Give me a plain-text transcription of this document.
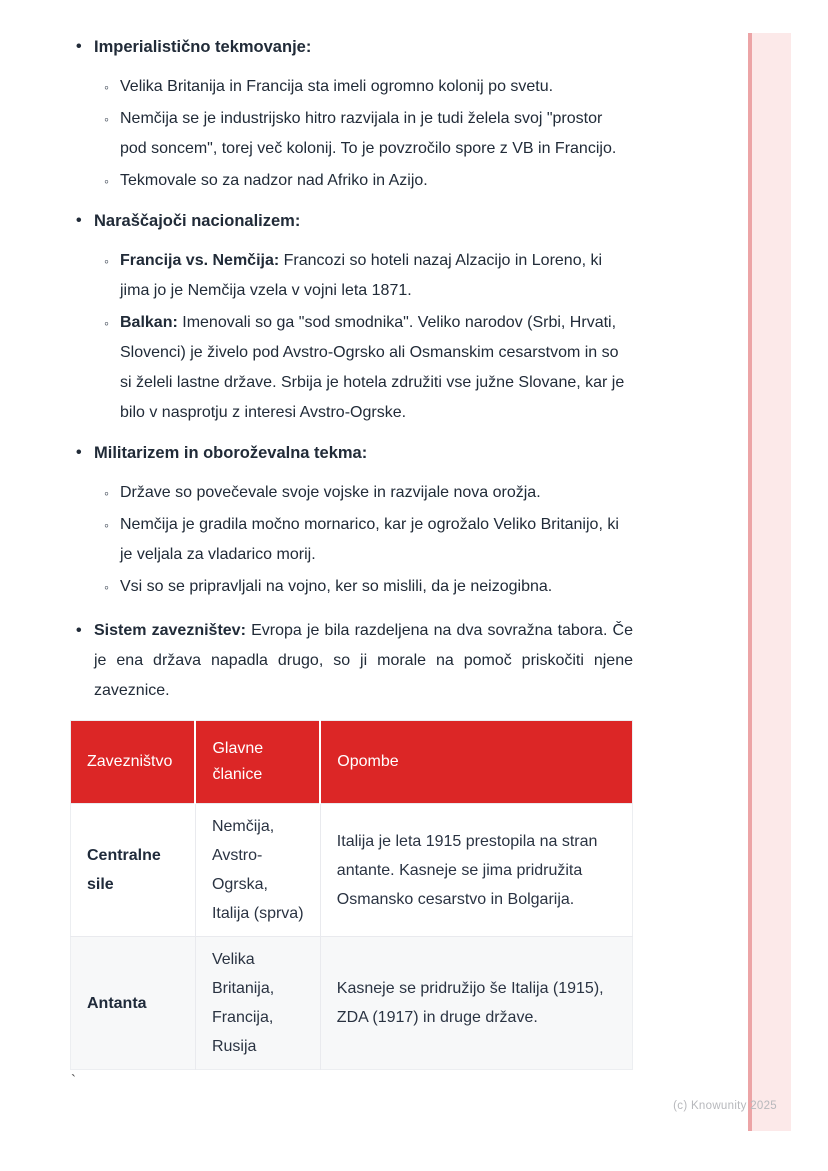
• Imperialistično tekmovanje:
◦ Velika Britanija in Francija sta imeli ogromno kolonij po svetu.
◦ Nemčija se je industrijsko hitro razvijala in je tudi želela svoj "prostor pod soncem", torej več kolonij. To je povzročilo spore z VB in Francijo.
◦ Tekmovale so za nadzor nad Afriko in Azijo.
• Naraščajoči nacionalizem:
◦ Francija vs. Nemčija: Francozi so hoteli nazaj Alzacijo in Loreno, ki jima jo je Nemčija vzela v vojni leta 1871.
◦ Balkan: Imenovali so ga "sod smodnika". Veliko narodov (Srbi, Hrvati, Slovenci) je živelo pod Avstro-Ogrsko ali Osmanskim cesarstvom in so si želeli lastne države. Srbija je hotela združiti vse južne Slovane, kar je bilo v nasprotju z interesi Avstro-Ogrske.
• Militarizem in oboroževalna tekma:
◦ Države so povečevale svoje vojske in razvijale nova orožja.
◦ Nemčija je gradila močno mornarico, kar je ogrožalo Veliko Britanijo, ki je veljala za vladarico morij.
◦ Vsi so se pripravljali na vojno, ker so mislili, da je neizogibna.
• Sistem zavezništev: Evropa je bila razdeljena na dva sovražna tabora. Če je ena država napadla drugo, so ji morale na pomoč priskočiti njene zaveznice.
Zavezništvo	Glavne članice	Opombe
Centralne sile	Nemčija, Avstro-Ogrska, Italija (sprva)	Italija je leta 1915 prestopila na stran antante. Kasneje se jima pridružita Osmansko cesarstvo in Bolgarija.
Antanta	Velika Britanija, Francija, Rusija	Kasneje se pridružijo še Italija (1915), ZDA (1917) in druge države.
`
(c) Knowunity 2025
